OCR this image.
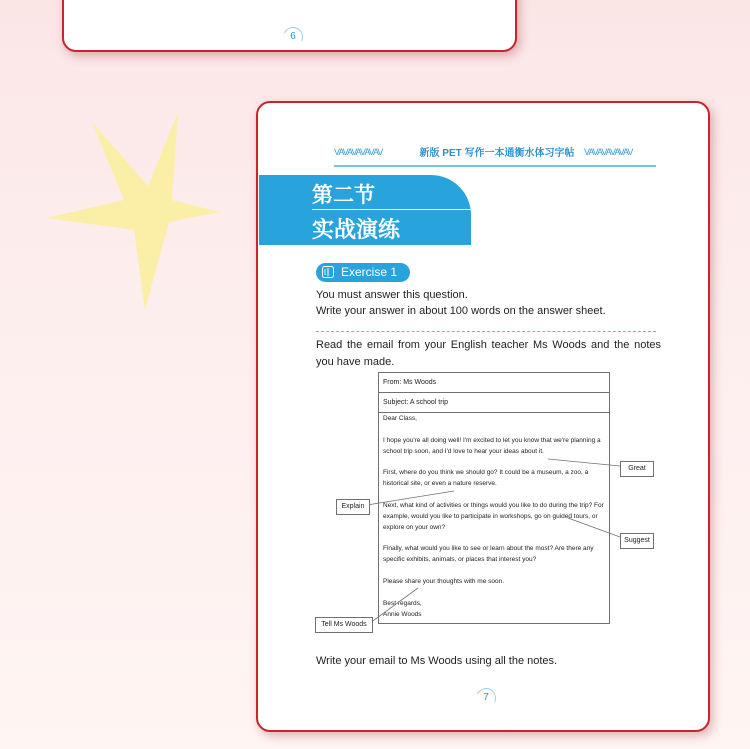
6
VAVAVAVAVAV	新版 PET 写作一本通衡水体习字帖	VAVAVAVAVAV
第二节
实战演练
Exercise 1
You must answer this question.
Write your answer in about 100 words on the answer sheet.
Read the email from your English teacher Ms Woods and the notes you have made.
From: Ms Woods
Subject: A school trip

Dear Class,

I hope you're all doing well! I'm excited to let you know that we're planning a school trip soon, and I'd love to hear your ideas about it.

First, where do you think we should go? It could be a museum, a zoo, a historical site, or even a nature reserve.

Next, what kind of activities or things would you like to do during the trip? For example, would you like to participate in workshops, go on guided tours, or explore on your own?

Finally, what would you like to see or learn about the most? Are there any specific exhibits, animals, or places that interest you?

Please share your thoughts with me soon.

Best regards,
Annie Woods
Great
Explain
Suggest
Tell Ms Woods
Write your email to Ms Woods using all the notes.
7
